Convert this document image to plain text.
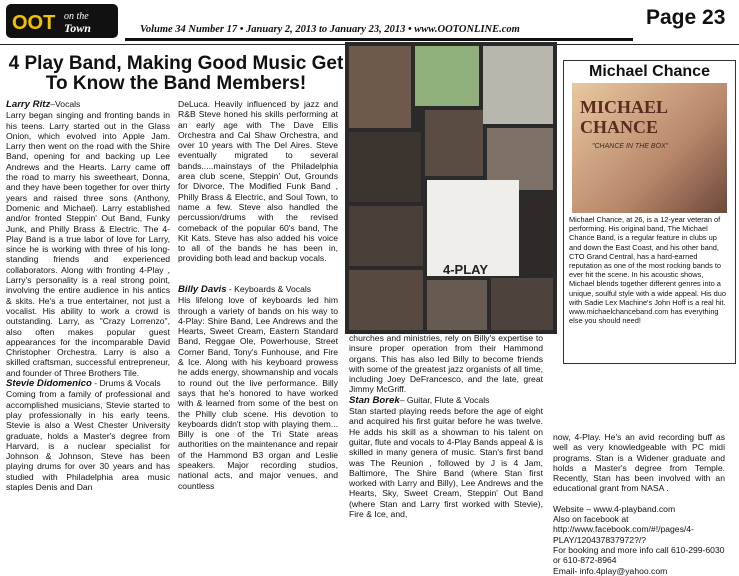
OOT on the
Town	Volume 34 Number 17 • January 2, 2013 to January 23, 2013 • www.OOTONLINE.com
Page 23
4 Play Band, Making Good Music Get To Know the Band Members!

Larry Ritz–Vocals
Larry began singing and fronting bands in his teens. Larry started out in the Glass Onion, which evolved into Apple Jam. Larry then went on the road with the Shire Band, opening for and backing up Lee Andrews and the Hearts. Larry came off the road to marry his sweetheart, Donna, and they have been together for over thirty years and raised three sons (Anthony, Domenic and Michael). Larry established and/or fronted Steppin' Out Band, Funky Junk, and Philly Brass & Electric. The 4-Play Band is a true labor of love for Larry, since he is working with three of his long-standing friends and experienced collaborators. Along with fronting 4-Play , Larry's personality is a real strong point, involving the entire audience in his antics & skits. He's a true entertainer, not just a vocalist. His ability to work a crowd is outstanding. Larry, as "Crazy Lorrenzo", also often makes popular guest appearances for the incomparable David Christopher Orchestra. Larry is also a skilled craftsman, successful entrepreneur, and founder of Three Brothers Tile.

Stevie Didomenico - Drums & Vocals
Coming from a family of professional and accomplished musicians, Stevie started to play professionally in his early teens. Stevie is also a West Chester University graduate, holds a Master's degree from Harvard, is a nuclear specialist for Johnson & Johnson, Steve has been playing drums for over 30 years and has studied with Philadelphia area music staples Denis and Dan

DeLuca. Heavily influenced by jazz and R&B Steve honed his skills performing at an early age with The Dave Ellis Orchestra and Cal Shaw Orchestra, and over 10 years with The Del Aires. Steve eventually migrated to several bands.....mainstays of the Philadelphia area club scene, Steppin' Out, Grounds for Divorce, The Modified Funk Band , Philly Brass & Electric, and Soul Town, to name a few. Steve also handled the percussion/drums with the revised comeback of the popular 60's band, The Kit Kats. Steve has also added his voice to all of the bands he has been in, providing both lead and backup vocals.

Billy Davis - Keyboards & Vocals
His lifelong love of keyboards led him through a variety of bands on his way to 4-Play: Shire Band, Lee Andrews and the Hearts, Sweet Cream, Eastern Standard Band, Reggae Ole, Powerhouse, Street Corner Band, Tony's Funhouse, and Fire & Ice. Along with his keyboard prowess he adds energy, showmanship and vocals to round out the live performance. Billy says that he's honored to have worked with & learned from some of the best on the Philly club scene. His devotion to keyboards didn't stop with playing them... Billy is one of the Tri State areas authorities on the maintenance and repair of the Hammond B3 organ and Leslie speakers. Major recording studios, national acts, and major venues, and countless

4-PLAY

churches and ministries, rely on Billy's expertise to insure proper operation from their Hammond organs. This has also led Billy to become friends with some of the greatest jazz organists of all time, including Joey DeFrancesco, and the late, great Jimmy McGriff.

Stan Borek– Guitar, Flute & Vocals
Stan started playing reeds before the age of eight and acquired his first guitar before he was twelve. He adds his skill as a showman to his talent on guitar, flute and vocals to 4-Play Bands appeal & is skilled in many genera of music. Stan's first band was The Reunion , followed by J is 4 Jam, Baltimore, The Shire Band (where Stan first worked with Larry and Billy), Lee Andrews and the Hearts, Sky, Sweet Cream, Steppin' Out Band (where Stan and Larry first worked with Stevie), Fire & Ice, and,

Michael Chance
MICHAEL
CHANCE
"CHANCE IN THE BOX"
Michael Chance, at 26, is a 12-year veteran of performing. His original band, The Michael Chance Band, is a regular feature in clubs up and down the East Coast, and his other band, CTO Grand Central, has a hard-earned reputation as one of the most rocking bands to ever hit the scene. In his acoustic shows, Michael blends together different genres into a unique, soulful style with a wide appeal. His duo with Sadie Lex Machine's John Hoff is a real hit. www.michaelchanceband.com has everything else you should need!

now, 4-Play. He's an avid recording buff as well as very knowledgeable with PC midi programs. Stan is a Widener graduate and holds a Master's degree from Temple. Recently, Stan has been involved with an educational grant from NASA .

Website – www.4-playband.com
Also on facebook at http://www.facebook.com/#!/pages/4-PLAY/120437837972?/?
For booking and more info call 610-299-6030 or 610-872-8964
Email- info.4play@yahoo.com
